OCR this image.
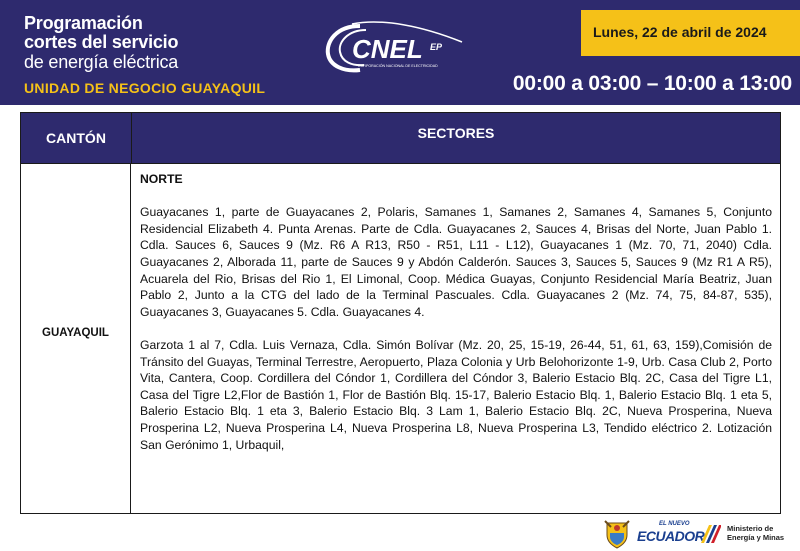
Programación
cortes del servicio
de energía eléctrica
UNIDAD DE NEGOCIO GUAYAQUIL
CNEL EP
CORPORACIÓN NACIONAL DE ELECTRICIDAD
00:00 a 03:00 – 10:00 a 13:00
Lunes, 22 de abril de 2024
CANTÓN	SECTORES
GUAYAQUIL

NORTE

Guayacanes 1, parte de Guayacanes 2, Polaris, Samanes 1, Samanes 2, Samanes 4, Samanes 5, Conjunto Residencial Elizabeth 4. Punta Arenas. Parte de Cdla. Guayacanes 2, Sauces 4, Brisas del Norte, Juan Pablo 1. Cdla. Sauces 6, Sauces 9 (Mz. R6 A R13, R50 - R51, L11 - L12), Guayacanes 1 (Mz. 70, 71, 2040) Cdla. Guayacanes 2, Alborada 11, parte de Sauces 9 y Abdón Calderón. Sauces 3, Sauces 5, Sauces 9 (Mz R1 A R5), Acuarela del Rio, Brisas del Rio 1, El Limonal, Coop. Médica Guayas, Conjunto Residencial María Beatriz, Juan Pablo 2, Junto a la CTG del lado de la Terminal Pascuales. Cdla. Guayacanes 2 (Mz. 74, 75, 84-87, 535), Guayacanes 3, Guayacanes 5. Cdla. Guayacanes 4.

Garzota 1 al 7, Cdla. Luis Vernaza, Cdla. Simón Bolívar (Mz. 20, 25, 15-19, 26-44, 51, 61, 63, 159),Comisión de Tránsito del Guayas, Terminal Terrestre, Aeropuerto, Plaza Colonia y Urb Belohorizonte 1-9, Urb. Casa Club 2, Porto Vita, Cantera, Coop. Cordillera del Cóndor 1, Cordillera del Cóndor 3, Balerio Estacio Blq. 2C, Casa del Tigre L1, Casa del Tigre L2,Flor de Bastión 1, Flor de Bastión Blq. 15-17, Balerio Estacio Blq. 1, Balerio Estacio Blq. 1 eta 5, Balerio Estacio Blq. 1 eta 3, Balerio Estacio Blq. 3 Lam 1, Balerio Estacio Blq. 2C, Nueva Prosperina, Nueva Prosperina L2, Nueva Prosperina L4, Nueva Prosperina L8, Nueva Prosperina L3, Tendido eléctrico 2. Lotización San Gerónimo 1, Urbaquil,

EL NUEVO
ECUADOR	Ministerio de
Energía y Minas
